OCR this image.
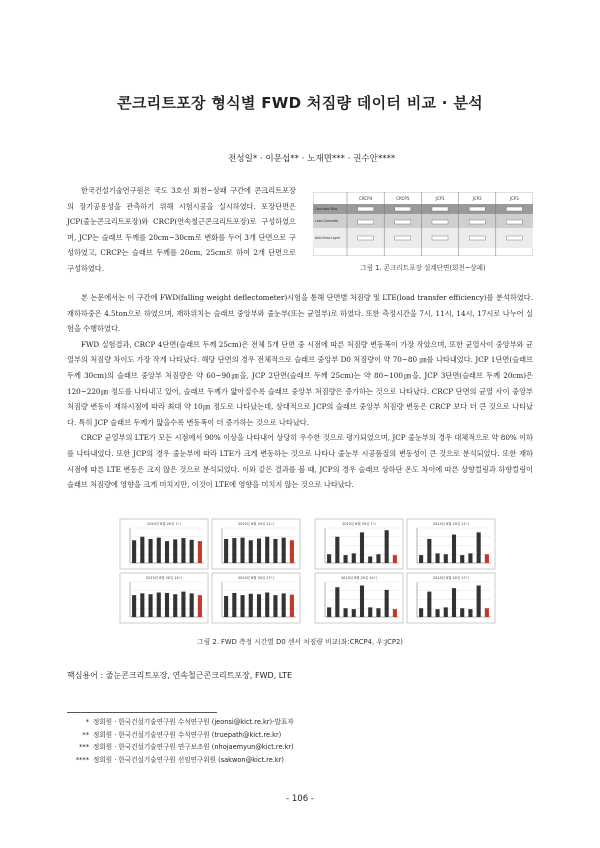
콘크리트포장 형식별 FWD 처짐량 데이터 비교 · 분석
전성일* · 이문섭** · 노재면*** · 권수안****

한국건설기술연구원은 국도 3호선 회천~상패 구간에 콘크리트포장의 장기공용성을 관측하기 위해 시험시공을 실시하였다. 포장단면은 JCP(줄눈콘크리트포장)와 CRCP(연속철근콘크리트포장)로 구성하였으며, JCP는 슬래브 두께를 20cm~30cm로 변화를 두어 3개 단면으로 구성하였고, CRCP는 슬래브 두께를 20cm, 25cm로 하여 2개 단면으로 구성하였다.

CRCP4	CRCP5	JCP1	JCP2	JCP3
Concrete Slab
Lean Concrete
Anti-Frost Layer
그림 1. 콘크리트포장 설계단면(회천~상패)

본 논문에서는 이 구간에 FWD(falling weight deflectometer)시험을 통해 단면별 처짐량 및 LTE(load transfer efficiency)를 분석하였다. 재하하중은 4.5ton으로 하였으며, 재하위치는 슬래브 중앙부와 줄눈부(또는 균열부)로 하였다. 또한 측정시간을 7시, 11시, 14시, 17시로 나누어 실험을 수행하였다.

FWD 실험결과, CRCP 4단면(슬래브 두께 25cm)은 전체 5개 단면 중 시점에 따른 처짐량 변동폭이 가장 작았으며, 또한 균열사이 중앙부와 균열부의 처짐량 차이도 가장 작게 나타났다. 해당 단면의 경우 전체적으로 슬래브 중앙부 D0 처짐량이 약 70~80 ㎛를 나타내었다. JCP 1단면(슬래브 두께 30cm)의 슬래브 중앙부 처짐량은 약 60~90㎛을, JCP 2단면(슬래브 두께 25cm)는 약 80~100㎛을, JCP 3단면(슬래브 두께 20cm)은 120~220㎛ 정도를 나타내고 있어, 슬래브 두께가 얇아질수록 슬래브 중앙부 처짐량은 증가하는 것으로 나타났다. CRCP 단면의 균열 사이 중앙부 처짐량 변동이 재하시점에 따라 최대 약 10㎛ 정도로 나타났는데, 상대적으로 JCP의 슬래브 중앙부 처짐량 변동은 CRCP 보다 더 큰 것으로 나타났다. 특히 JCP 슬래브 두께가 얇을수록 변동폭이 더 증가하는 것으로 나타났다.

CRCP 균열부의 LTE가 모든 시점에서 90% 이상을 나타내어 상당히 우수한 것으로 평가되었으며, JCP 줄눈부의 경우 대체적으로 약 80% 이하를 나타내었다. 또한 JCP의 경우 줄눈부에 따라 LTE가 크게 변동하는 것으로 나타나 줄눈부 시공품질의 변동성이 큰 것으로 분석되었다. 또한 재하 시점에 따른 LTE 변동은 크지 않은 것으로 분석되었다. 이와 같은 결과를 볼 때, JCP의 경우 슬래브 상하단 온도 차이에 따른 상향컬링과 하향컬링이 슬래브 처짐량에 영향을 크게 미치지만, 이것이 LTE에 영향을 미치지 않는 것으로 나타났다.

2010년 8월 20일 7시	2010년 8월 20일 11시
2010년 8월 20일 14시	2010년 8월 20일 17시
2010년 8월 20일 7시	2010년 8월 20일 11시
2010년 8월 20일 14시	2010년 8월 20일 17시
그림 2. FWD 측정 시간별 D0 센서 처짐량 비교(좌:CRCP4, 우:JCP2)
핵심용어 : 줄눈콘크리트포장, 연속철근콘크리트포장, FWD, LTE
* 정회원 · 한국건설기술연구원 수석연구원 (jeonsi@kict.re.kr)-발표자
** 정회원 · 한국건설기술연구원 수석연구원 (truepath@kict.re.kr)
*** 정회원 · 한국건설기술연구원 연구보조원 (nhojaemyun@kict.re.kr)
**** 정회원 · 한국건설기술연구원 선임연구위원 (sakwon@kict.re.kr)
- 106 -
